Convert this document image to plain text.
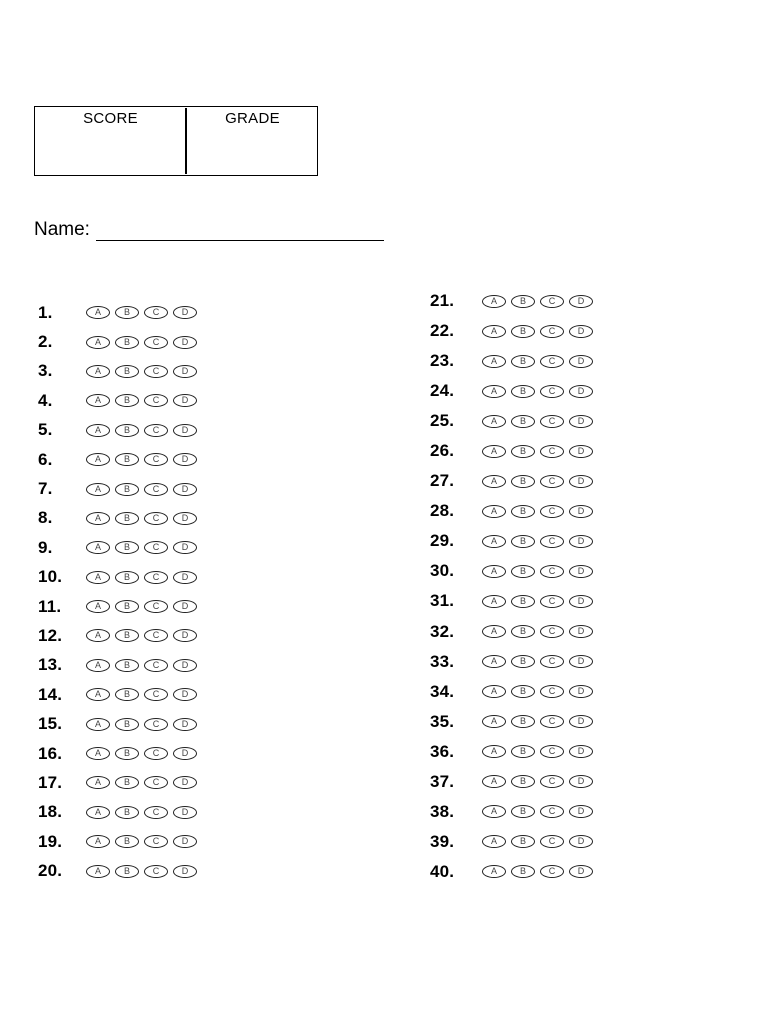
SCORE	GRADE
Name:
1.	A	B	C	D
2.	A	B	C	D
3.	A	B	C	D
4.	A	B	C	D
5.	A	B	C	D
6.	A	B	C	D
7.	A	B	C	D
8.	A	B	C	D
9.	A	B	C	D
10.	A	B	C	D
11.	A	B	C	D
12.	A	B	C	D
13.	A	B	C	D
14.	A	B	C	D
15.	A	B	C	D
16.	A	B	C	D
17.	A	B	C	D
18.	A	B	C	D
19.	A	B	C	D
20.	A	B	C	D
21.	A	B	C	D
22.	A	B	C	D
23.	A	B	C	D
24.	A	B	C	D
25.	A	B	C	D
26.	A	B	C	D
27.	A	B	C	D
28.	A	B	C	D
29.	A	B	C	D
30.	A	B	C	D
31.	A	B	C	D
32.	A	B	C	D
33.	A	B	C	D
34.	A	B	C	D
35.	A	B	C	D
36.	A	B	C	D
37.	A	B	C	D
38.	A	B	C	D
39.	A	B	C	D
40.	A	B	C	D
